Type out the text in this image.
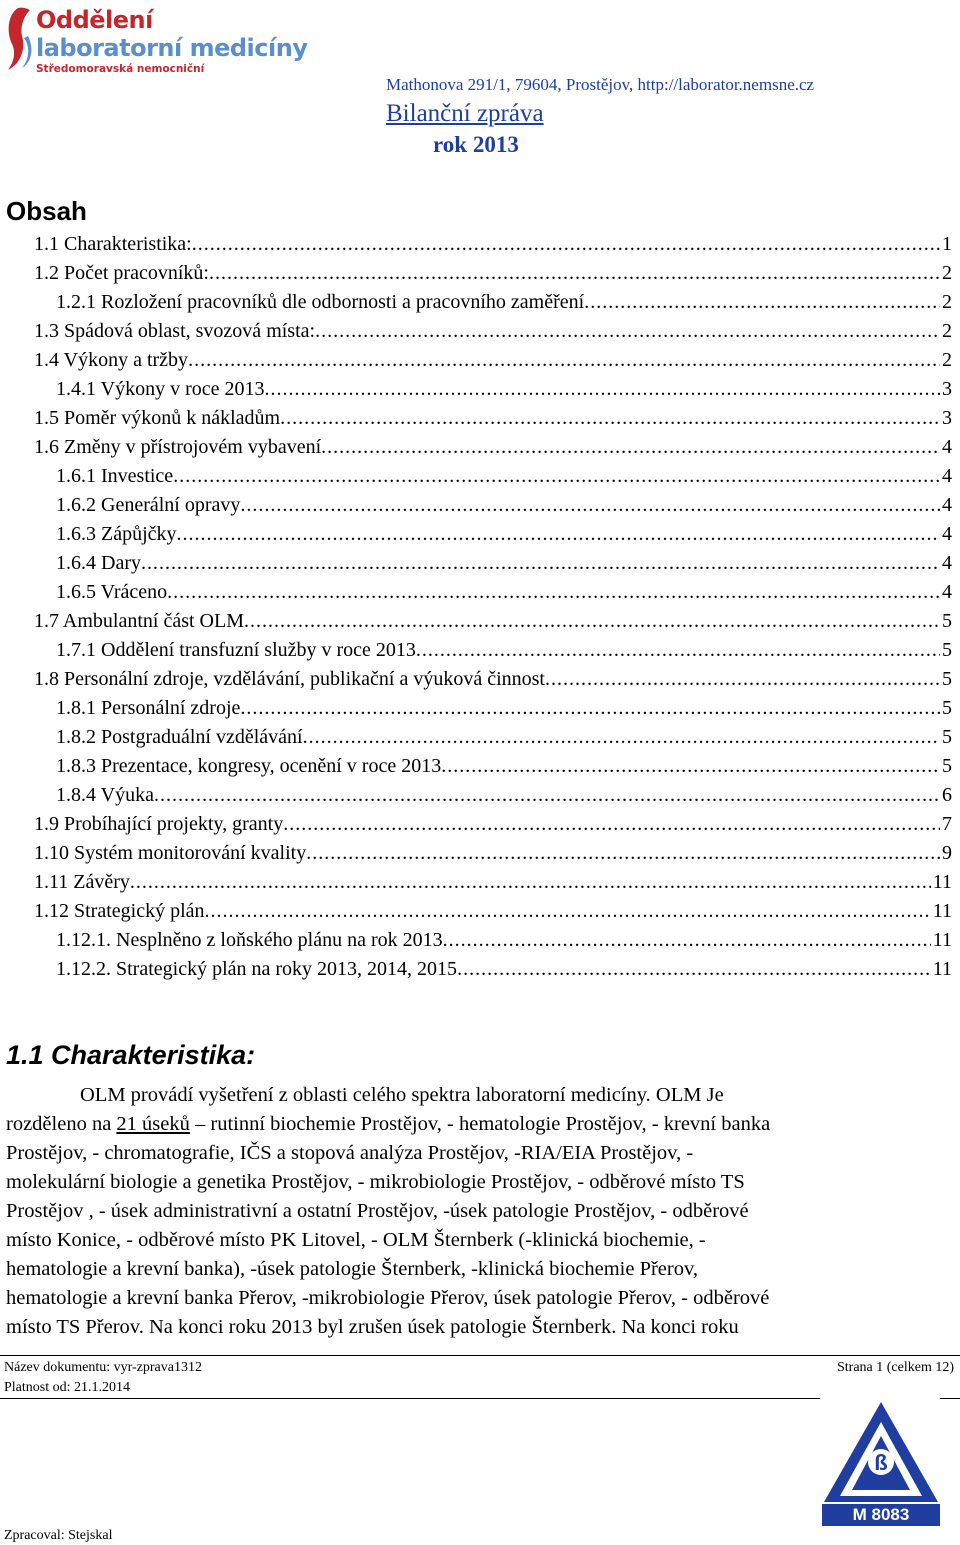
Oddělení
laboratorní medicíny
Středomoravská nemocniční
Mathonova 291/1, 79604, Prostějov, http://laborator.nemsne.cz
Bilanční zpráva
rok 2013
Obsah
1.1 Charakteristika: .....	1
1.2 Počet pracovníků: .....	2
1.2.1 Rozložení pracovníků dle odbornosti a pracovního zaměření .....	2
1.3 Spádová oblast, svozová místa: .....	2
1.4 Výkony a tržby .....	2
1.4.1 Výkony v roce 2013 .....	3
1.5 Poměr výkonů k nákladům .....	3
1.6 Změny v přístrojovém vybavení .....	4
1.6.1 Investice .....	4
1.6.2 Generální opravy .....	4
1.6.3 Zápůjčky .....	4
1.6.4 Dary .....	4
1.6.5 Vráceno .....	4
1.7 Ambulantní část OLM .....	5
1.7.1 Oddělení transfuzní služby v roce 2013 .....	5
1.8 Personální zdroje, vzdělávání, publikační a výuková činnost .....	5
1.8.1 Personální zdroje .....	5
1.8.2 Postgraduální vzdělávání .....	5
1.8.3 Prezentace, kongresy, ocenění v roce 2013 .....	5
1.8.4 Výuka .....	6
1.9 Probíhající projekty, granty .....	7
1.10 Systém monitorování kvality .....	9
1.11 Závěry .....	11
1.12 Strategický plán .....	11
1.12.1. Nesplněno z loňského plánu na rok 2013 .....	11
1.12.2. Strategický plán na roky 2013, 2014, 2015 .....	11
1.1 Charakteristika:
OLM provádí vyšetření z oblasti celého spektra laboratorní medicíny. OLM Je
rozděleno na 21 úseků – rutinní biochemie Prostějov, - hematologie Prostějov, - krevní banka
Prostějov, - chromatografie, IČS a stopová analýza Prostějov, -RIA/EIA Prostějov, -
molekulární biologie a genetika Prostějov, - mikrobiologie Prostějov, - odběrové místo TS
Prostějov , - úsek administrativní a ostatní Prostějov, -úsek patologie Prostějov, - odběrové
místo Konice, - odběrové místo PK Litovel, - OLM Šternberk (-klinická biochemie, -
hematologie a krevní banka), -úsek patologie Šternberk, -klinická biochemie Přerov,
hematologie a krevní banka Přerov, -mikrobiologie Přerov, úsek patologie Přerov, - odběrové
místo TS Přerov. Na konci roku 2013 byl zrušen úsek patologie Šternberk. Na konci roku
Název dokumentu: vyr-zprava1312
Platnost od: 21.1.2014
Strana 1 (celkem 12)
Zpracoval: Stejskal
ß
M 8083
